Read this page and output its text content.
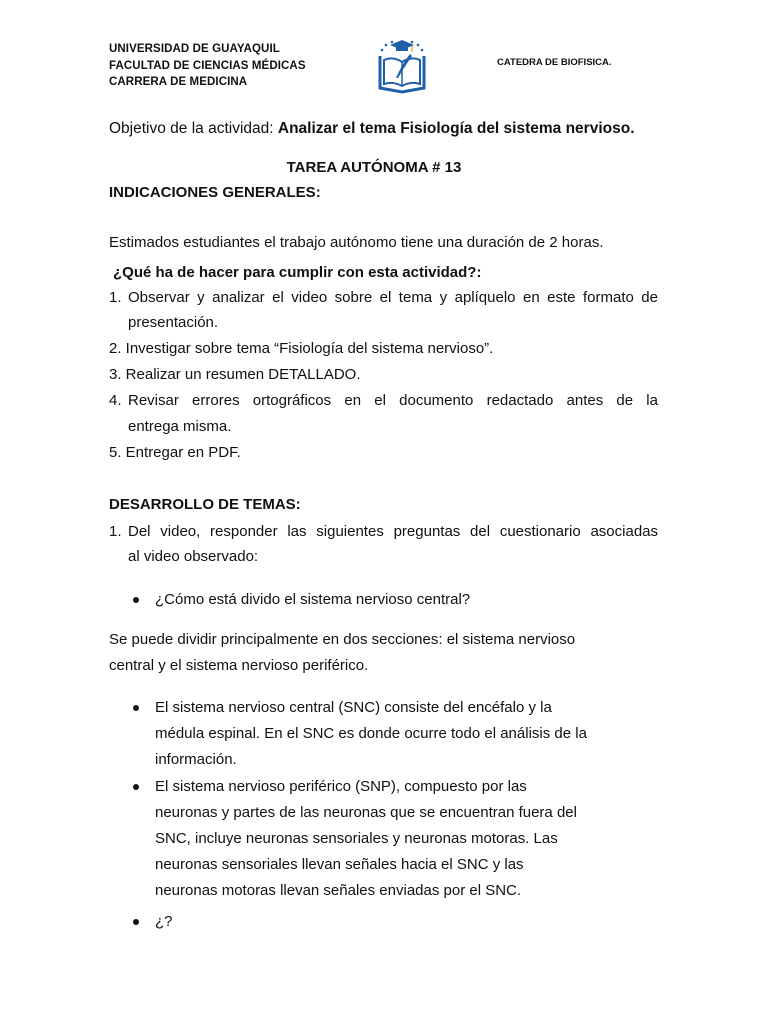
UNIVERSIDAD DE GUAYAQUIL
FACULTAD DE CIENCIAS MÉDICAS
CARRERA DE MEDICINA
CATEDRA DE BIOFISICA.
Objetivo de la actividad: Analizar el tema Fisiología del sistema nervioso.
TAREA AUTÓNOMA # 13
INDICACIONES GENERALES:
Estimados estudiantes el trabajo autónomo tiene una duración de 2 horas.
¿Qué ha de hacer para cumplir con esta actividad?:
1. Observar y analizar el video sobre el tema y aplíquelo en este formato de
presentación.
2. Investigar sobre tema “Fisiología del sistema nervioso”.
3. Realizar un resumen DETALLADO.
4. Revisar errores ortográficos en el documento redactado antes de la
entrega misma.
5. Entregar en PDF.
DESARROLLO DE TEMAS:
1. Del video, responder las siguientes preguntas del cuestionario asociadas
al video observado:
¿Cómo está divido el sistema nervioso central?
Se puede dividir principalmente en dos secciones: el sistema nervioso
central y el sistema nervioso periférico.
El sistema nervioso central (SNC) consiste del encéfalo y la
médula espinal. En el SNC es donde ocurre todo el análisis de la
información.
El sistema nervioso periférico (SNP), compuesto por las
neuronas y partes de las neuronas que se encuentran fuera del
SNC, incluye neuronas sensoriales y neuronas motoras. Las
neuronas sensoriales llevan señales hacia el SNC y las
neuronas motoras llevan señales enviadas por el SNC.
¿?
